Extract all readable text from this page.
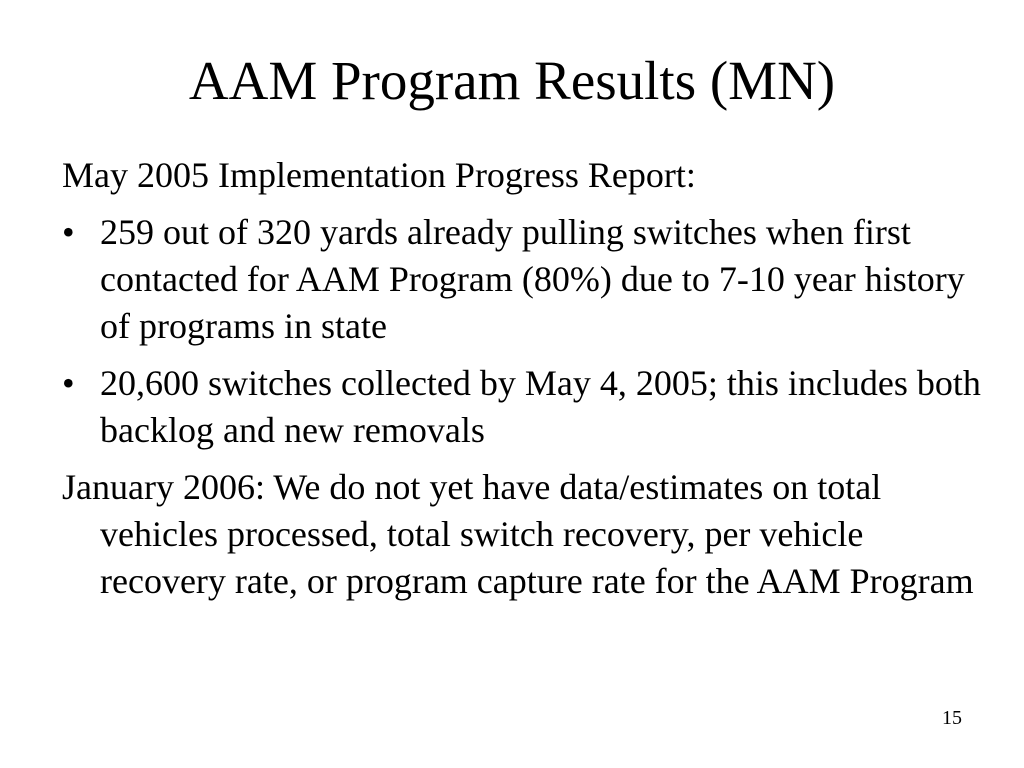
AAM Program Results (MN)

May 2005 Implementation Progress Report:

• 259 out of 320 yards already pulling switches when first contacted for AAM Program (80%) due to 7-10 year history of programs in state
• 20,600 switches collected by May 4, 2005; this includes both backlog and new removals

January 2006: We do not yet have data/estimates on total vehicles processed, total switch recovery, per vehicle recovery rate, or program capture rate for the AAM Program

15
